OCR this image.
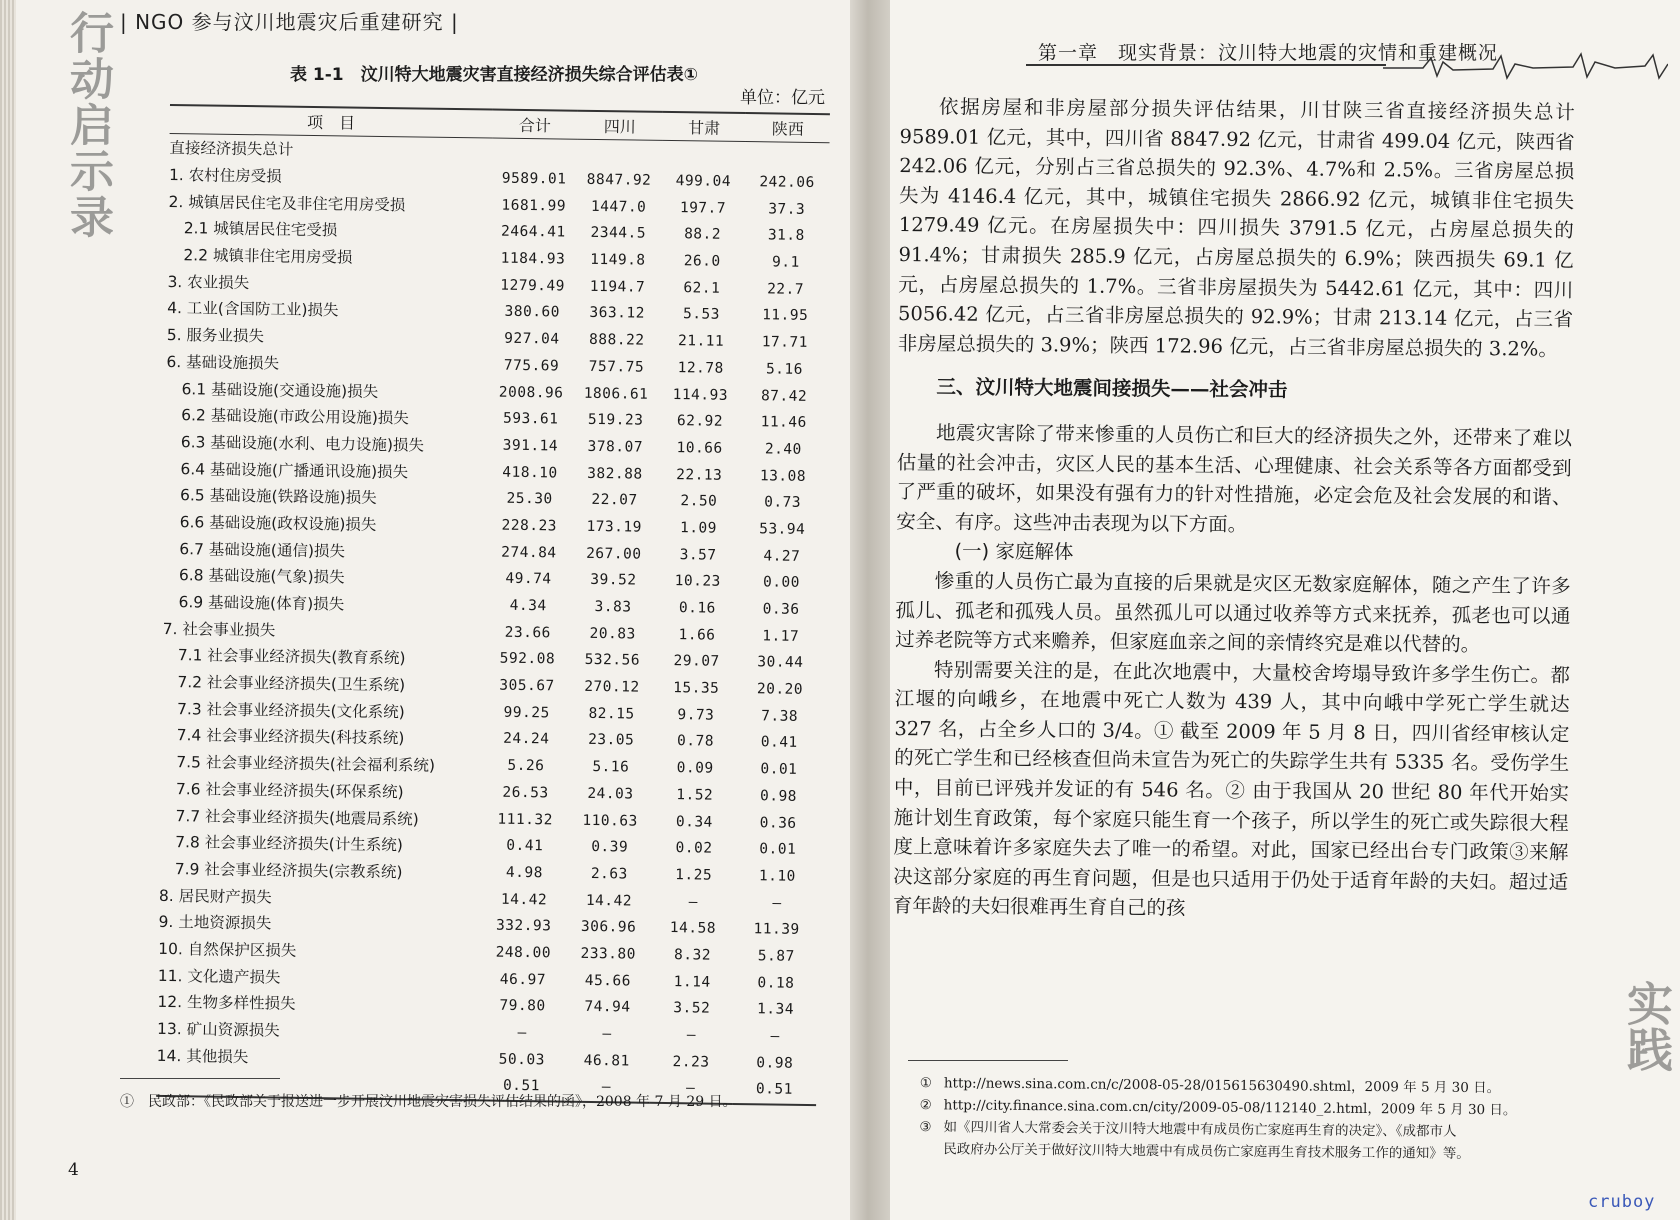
行动启示录 | NGO 参与汶川地震灾后重建研究 |
表 1-1　汶川特大地震灾害直接经济损失综合评估表①
单位：亿元
项　目	合计	四川	甘肃	陕西
直接经济损失总计				
1. 农村住房受损	9589.01	8847.92	499.04	242.06
2. 城镇居民住宅及非住宅用房受损	1681.99	1447.0	197.7	37.3
　2.1 城镇居民住宅受损	2464.41	2344.5	88.2	31.8
　2.2 城镇非住宅用房受损	1184.93	1149.8	26.0	9.1
3. 农业损失	1279.49	1194.7	62.1	22.7
4. 工业(含国防工业)损失	380.60	363.12	5.53	11.95
5. 服务业损失	927.04	888.22	21.11	17.71
6. 基础设施损失	775.69	757.75	12.78	5.16
　6.1 基础设施(交通设施)损失	2008.96	1806.61	114.93	87.42
　6.2 基础设施(市政公用设施)损失	593.61	519.23	62.92	11.46
　6.3 基础设施(水利、电力设施)损失	391.14	378.07	10.66	2.40
　6.4 基础设施(广播通讯设施)损失	418.10	382.88	22.13	13.08
　6.5 基础设施(铁路设施)损失	25.30	22.07	2.50	0.73
　6.6 基础设施(政权设施)损失	228.23	173.19	1.09	53.94
　6.7 基础设施(通信)损失	274.84	267.00	3.57	4.27
　6.8 基础设施(气象)损失	49.74	39.52	10.23	0.00
　6.9 基础设施(体育)损失	4.34	3.83	0.16	0.36
7. 社会事业损失	23.66	20.83	1.66	1.17
　7.1 社会事业经济损失(教育系统)	592.08	532.56	29.07	30.44
　7.2 社会事业经济损失(卫生系统)	305.67	270.12	15.35	20.20
　7.3 社会事业经济损失(文化系统)	99.25	82.15	9.73	7.38
　7.4 社会事业经济损失(科技系统)	24.24	23.05	0.78	0.41
　7.5 社会事业经济损失(社会福利系统)	5.26	5.16	0.09	0.01
　7.6 社会事业经济损失(环保系统)	26.53	24.03	1.52	0.98
　7.7 社会事业经济损失(地震局系统)	111.32	110.63	0.34	0.36
　7.8 社会事业经济损失(计生系统)	0.41	0.39	0.02	0.01
　7.9 社会事业经济损失(宗教系统)	4.98	2.63	1.25	1.10
8. 居民财产损失	14.42	14.42	—	—
9. 土地资源损失	332.93	306.96	14.58	11.39
10. 自然保护区损失	248.00	233.80	8.32	5.87
11. 文化遗产损失	46.97	45.66	1.14	0.18
12. 生物多样性损失	79.80	74.94	3.52	1.34
13. 矿山资源损失	—	—	—	—
14. 其他损失	50.03	46.81	2.23	0.98
	0.51	—	—	0.51
①　民政部：《民政部关于报送进一步开展汶川地震灾害损失评估结果的函》，2008 年 7 月 29 日。
4
第一章　现实背景：汶川特大地震的灾情和重建概况

依据房屋和非房屋部分损失评估结果，川甘陕三省直接经济损失总计 9589.01 亿元，其中，四川省 8847.92 亿元，甘肃省 499.04 亿元，陕西省 242.06 亿元，分别占三省总损失的 92.3%、4.7%和 2.5%。三省房屋总损失为 4146.4 亿元，其中，城镇住宅损失 2866.92 亿元，城镇非住宅损失 1279.49 亿元。在房屋损失中：四川损失 3791.5 亿元，占房屋总损失的 91.4%；甘肃损失 285.9 亿元，占房屋总损失的 6.9%；陕西损失 69.1 亿元，占房屋总损失的 1.7%。三省非房屋损失为 5442.61 亿元，其中：四川 5056.42 亿元，占三省非房屋总损失的 92.9%；甘肃 213.14 亿元，占三省非房屋总损失的 3.9%；陕西 172.96 亿元，占三省非房屋总损失的 3.2%。

三、汶川特大地震间接损失——社会冲击

地震灾害除了带来惨重的人员伤亡和巨大的经济损失之外，还带来了难以估量的社会冲击，灾区人民的基本生活、心理健康、社会关系等各方面都受到了严重的破坏，如果没有强有力的针对性措施，必定会危及社会发展的和谐、安全、有序。这些冲击表现为以下方面。

(一) 家庭解体

惨重的人员伤亡最为直接的后果就是灾区无数家庭解体，随之产生了许多孤儿、孤老和孤残人员。虽然孤儿可以通过收养等方式来抚养，孤老也可以通过养老院等方式来赡养，但家庭血亲之间的亲情终究是难以代替的。

特别需要关注的是，在此次地震中，大量校舍垮塌导致许多学生伤亡。都江堰的向峨乡，在地震中死亡人数为 439 人，其中向峨中学死亡学生就达 327 名，占全乡人口的 3/4。① 截至 2009 年 5 月 8 日，四川省经审核认定的死亡学生和已经核查但尚未宣告为死亡的失踪学生共有 5335 名。受伤学生中，目前已评残并发证的有 546 名。② 由于我国从 20 世纪 80 年代开始实施计划生育政策，每个家庭只能生育一个孩子，所以学生的死亡或失踪很大程度上意味着许多家庭失去了唯一的希望。对此，国家已经出台专门政策③来解决这部分家庭的再生育问题，但是也只适用于仍处于适育年龄的夫妇。超过适育年龄的夫妇很难再生育自己的孩

① http://news.sina.com.cn/c/2008-05-28/015615630490.shtml，2009 年 5 月 30 日。
② http://city.finance.sina.com.cn/city/2009-05-08/112140_2.html，2009 年 5 月 30 日。
③ 如《四川省人大常委会关于汶川特大地震中有成员伤亡家庭再生育的决定》、《成都市人
民政府办公厅关于做好汶川特大地震中有成员伤亡家庭再生育技术服务工作的通知》等。
实践
cruboy
